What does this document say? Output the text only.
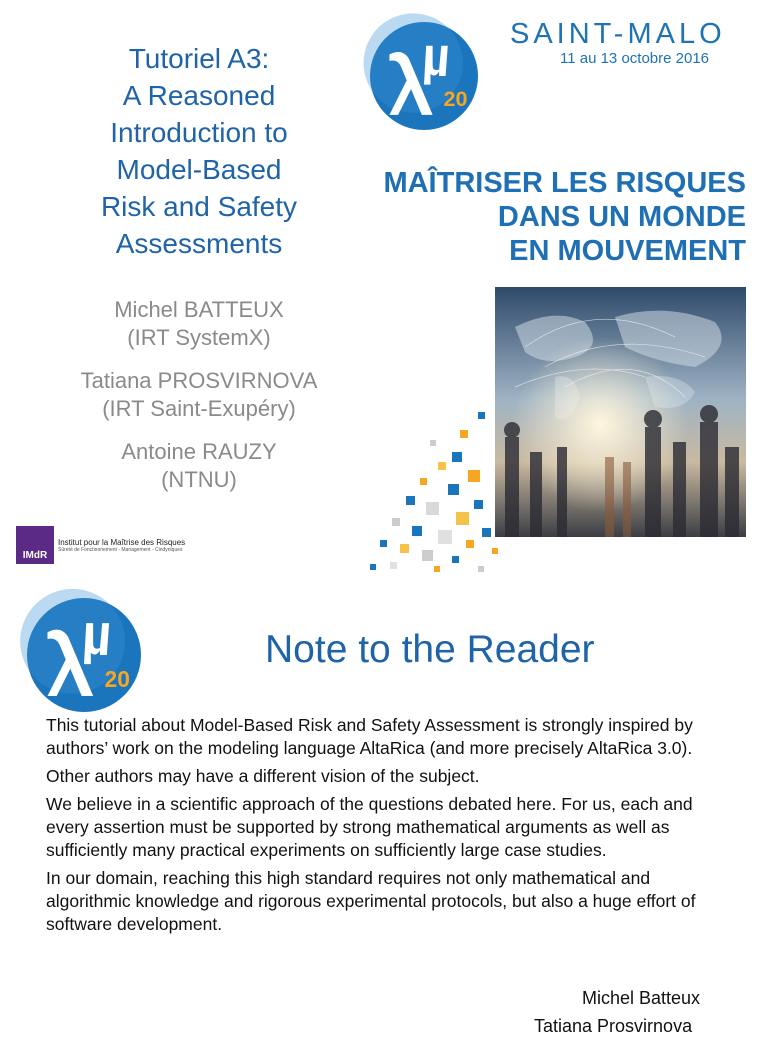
Tutoriel A3:
A Reasoned
Introduction to
Model-Based
Risk and Safety
Assessments
Michel BATTEUX
(IRT SystemX)
Tatiana PROSVIRNOVA
(IRT Saint-Exupéry)
Antoine RAUZY
(NTNU)
20
SAINT-MALO
11 au 13 octobre 2016
MAÎTRISER LES RISQUES
DANS UN MONDE
EN MOUVEMENT
IMdR
Institut pour la Maîtrise des Risques
Sûreté de Fonctionnement - Management - Cindyniques
20
Note to the Reader

This tutorial about Model-Based Risk and Safety Assessment is strongly inspired by authors’ work on the modeling language AltaRica (and more precisely AltaRica 3.0).

Other authors may have a different vision of the subject.

We believe in a scientific approach of the questions debated here. For us, each and every assertion must be supported by strong mathematical arguments as well as sufficiently many practical experiments on sufficiently large case studies.

In our domain, reaching this high standard requires not only mathematical and algorithmic knowledge and rigorous experimental protocols, but also a huge effort of software development.

Michel Batteux
Tatiana Prosvirnova
